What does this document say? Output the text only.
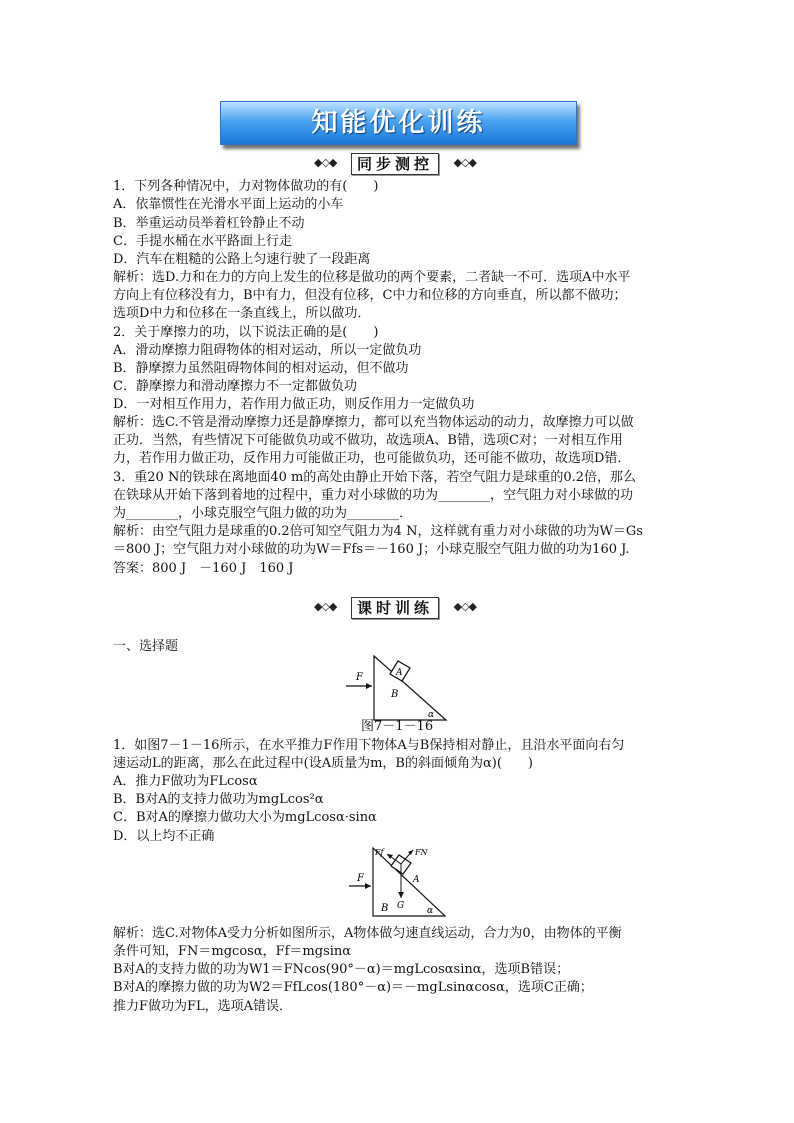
知能优化训练
◆◇◆	同步测控	◆◇◆
1．下列各种情况中，力对物体做功的有(　　)
A．依靠惯性在光滑水平面上运动的小车
B．举重运动员举着杠铃静止不动
C．手提水桶在水平路面上行走
D．汽车在粗糙的公路上匀速行驶了一段距离
解析：选D.力和在力的方向上发生的位移是做功的两个要素，二者缺一不可．选项A中水平
方向上有位移没有力，B中有力，但没有位移，C中力和位移的方向垂直，所以都不做功；
选项D中力和位移在一条直线上，所以做功．
2．关于摩擦力的功，以下说法正确的是(　　)
A．滑动摩擦力阻碍物体的相对运动，所以一定做负功
B．静摩擦力虽然阻碍物体间的相对运动，但不做功
C．静摩擦力和滑动摩擦力不一定都做负功
D．一对相互作用力，若作用力做正功，则反作用力一定做负功
解析：选C.不管是滑动摩擦力还是静摩擦力，都可以充当物体运动的动力，故摩擦力可以做
正功．当然，有些情况下可能做负功或不做功，故选项A、B错，选项C对；一对相互作用
力，若作用力做正功，反作用力可能做正功，也可能做负功，还可能不做功，故选项D错．
3．重20 N的铁球在离地面40 m的高处由静止开始下落，若空气阻力是球重的0.2倍，那么
在铁球从开始下落到着地的过程中，重力对小球做的功为________，空气阻力对小球做的功
为________，小球克服空气阻力做的功为________．
解析：由空气阻力是球重的0.2倍可知空气阻力为4 N，这样就有重力对小球做的功为W＝Gs
＝800 J；空气阻力对小球做的功为W＝Ffs＝－160 J；小球克服空气阻力做的功为160 J.
答案：800 J　－160 J　160 J
◆◇◆	课时训练	◆◇◆
一、选择题
F	A
B
α
图7－1－16
1．如图7－1－16所示，在水平推力F作用下物体A与B保持相对静止，且沿水平面向右匀
速运动L的距离，那么在此过程中(设A质量为m，B的斜面倾角为α)(　　)
A．推力F做功为FLcosα
B．B对A的支持力做功为mgLcos²α
C．B对A的摩擦力做功大小为mgLcosα·sinα
D．以上均不正确
Ff	FN
F	A
B G	α
解析：选C.对物体A受力分析如图所示，A物体做匀速直线运动，合力为0，由物体的平衡
条件可知，FN＝mgcosα，Ff＝mgsinα
B对A的支持力做的功为W1＝FNcos(90°－α)＝mgLcosαsinα，选项B错误；
B对A的摩擦力做的功为W2＝FfLcos(180°－α)＝－mgLsinαcosα，选项C正确；
推力F做功为FL，选项A错误．
